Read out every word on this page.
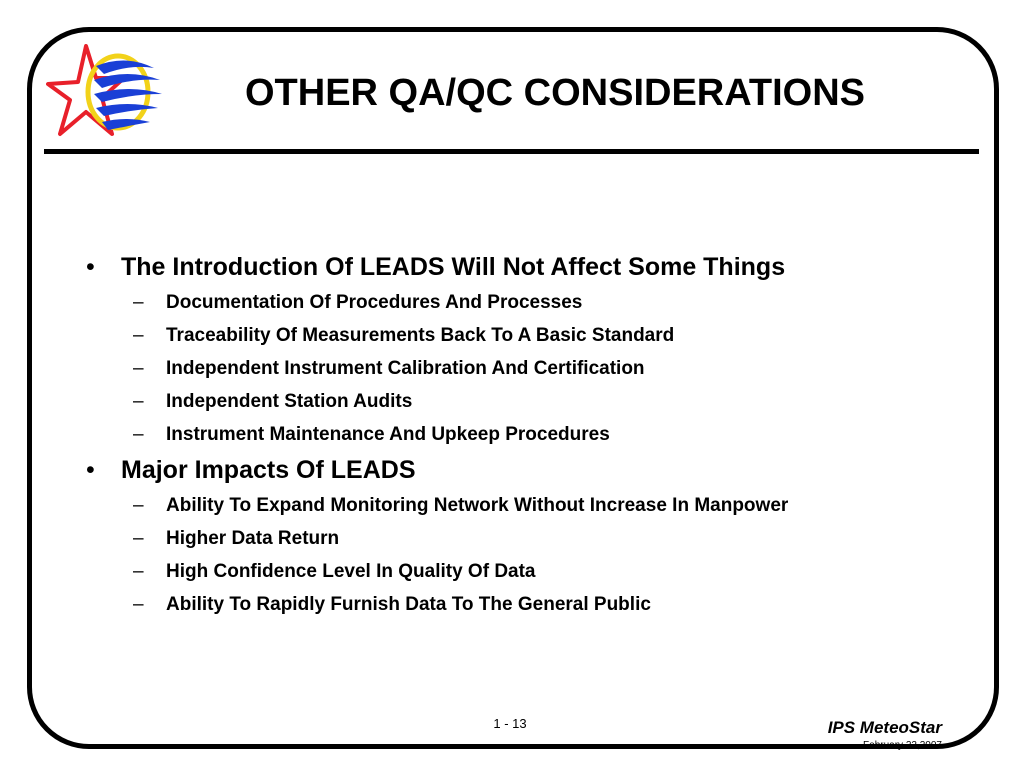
OTHER QA/QC CONSIDERATIONS
•	The Introduction Of LEADS Will Not Affect Some Things
–	Documentation Of Procedures And Processes
–	Traceability Of Measurements Back To A Basic Standard
–	Independent Instrument Calibration And Certification
–	Independent Station Audits
–	Instrument Maintenance And Upkeep Procedures
•	Major Impacts Of LEADS
–	Ability To Expand Monitoring Network Without Increase In Manpower
–	Higher Data Return
–	High Confidence Level In Quality Of Data
–	Ability To Rapidly Furnish Data To The General Public
1 - 13	IPS MeteoStar
February 22,2007
